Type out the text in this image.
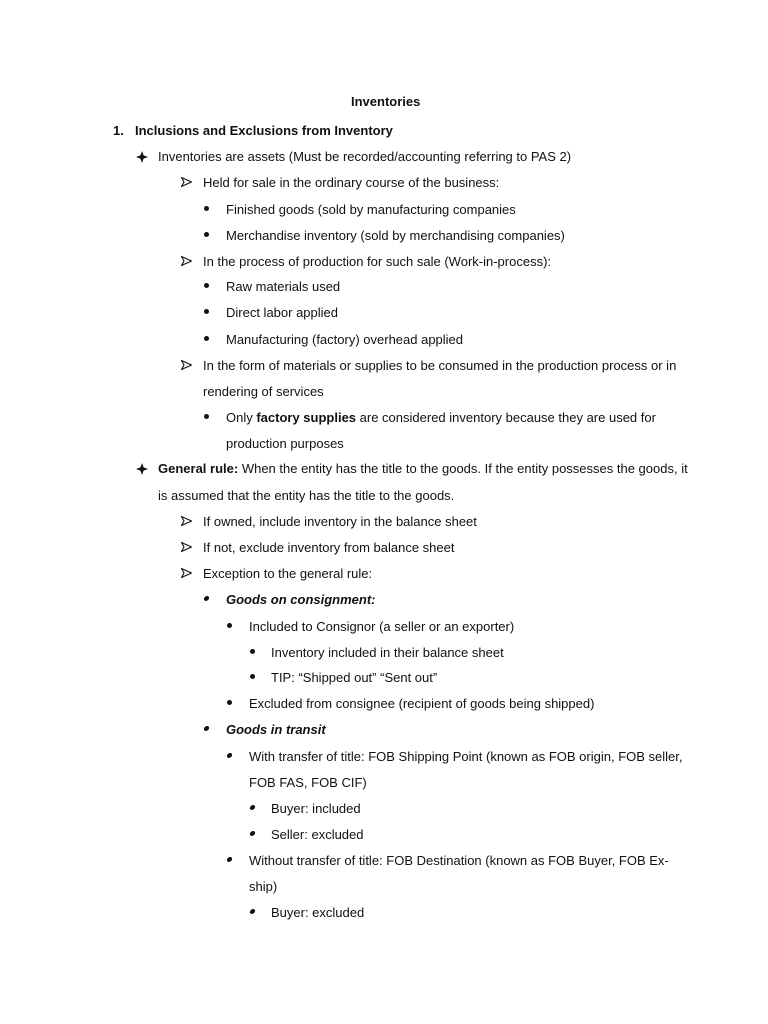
Inventories
1. Inclusions and Exclusions from Inventory
Inventories are assets (Must be recorded/accounting referring to PAS 2)
Held for sale in the ordinary course of the business:
Finished goods (sold by manufacturing companies
Merchandise inventory (sold by merchandising companies)
In the process of production for such sale (Work-in-process):
Raw materials used
Direct labor applied
Manufacturing (factory) overhead applied
In the form of materials or supplies to be consumed in the production process or in
rendering of services
Only factory supplies are considered inventory because they are used for
production purposes
General rule: When the entity has the title to the goods. If the entity possesses the goods, it
is assumed that the entity has the title to the goods.
If owned, include inventory in the balance sheet
If not, exclude inventory from balance sheet
Exception to the general rule:
Goods on consignment:
Included to Consignor (a seller or an exporter)
Inventory included in their balance sheet
TIP: “Shipped out” “Sent out”
Excluded from consignee (recipient of goods being shipped)
Goods in transit
With transfer of title: FOB Shipping Point (known as FOB origin, FOB seller,
FOB FAS, FOB CIF)
Buyer: included
Seller: excluded
Without transfer of title: FOB Destination (known as FOB Buyer, FOB Ex-
ship)
Buyer: excluded
